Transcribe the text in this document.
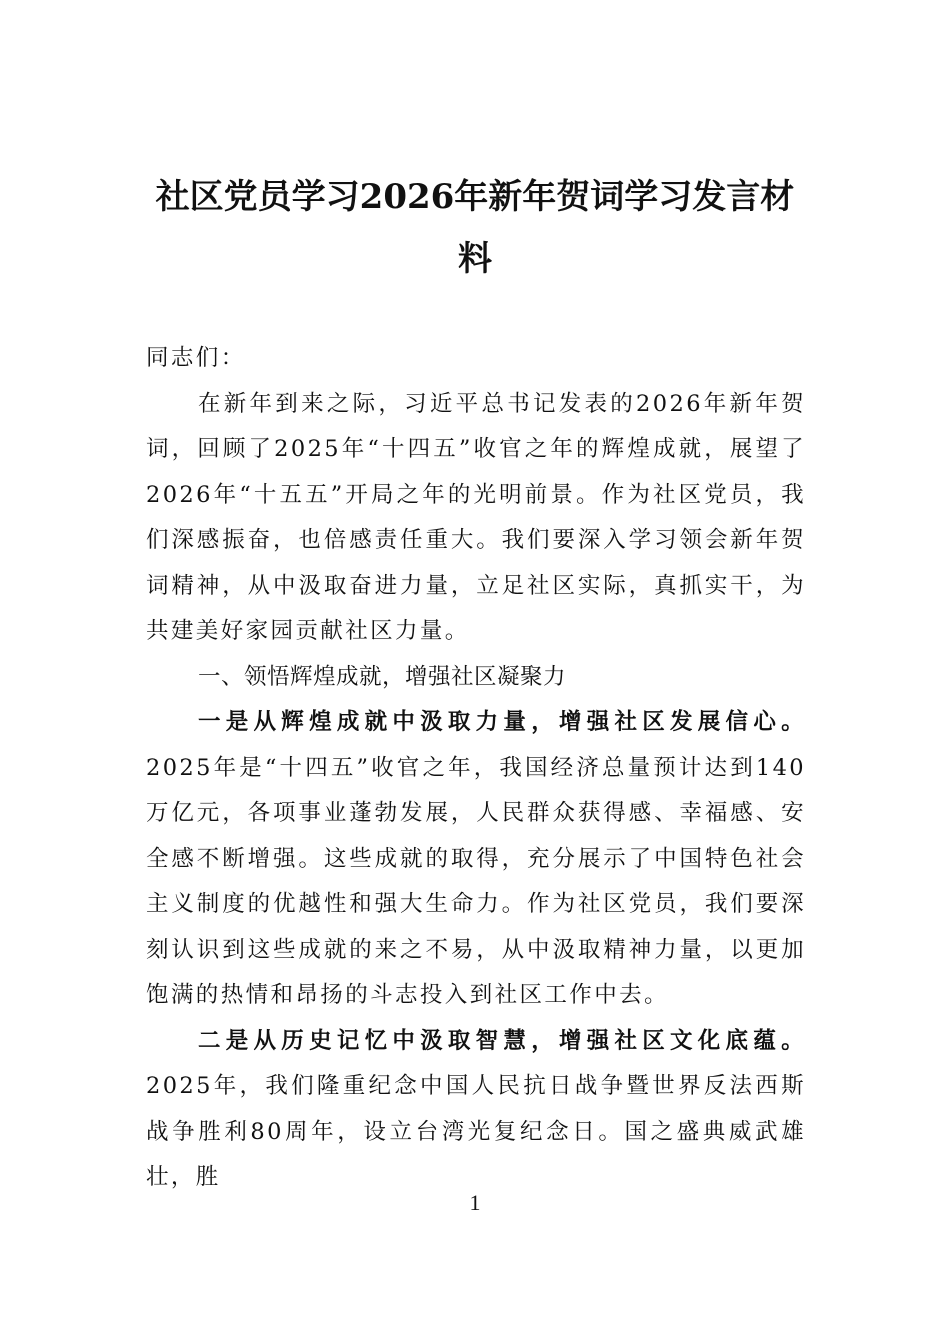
社区党员学习2026年新年贺词学习发言材
料

同志们：

在新年到来之际，习近平总书记发表的2026年新年贺词，回顾了2025年“十四五”收官之年的辉煌成就，展望了2026年“十五五”开局之年的光明前景。作为社区党员，我们深感振奋，也倍感责任重大。我们要深入学习领会新年贺词精神，从中汲取奋进力量，立足社区实际，真抓实干，为共建美好家园贡献社区力量。

一、领悟辉煌成就，增强社区凝聚力

一是从辉煌成就中汲取力量，增强社区发展信心。2025年是“十四五”收官之年，我国经济总量预计达到140万亿元，各项事业蓬勃发展，人民群众获得感、幸福感、安全感不断增强。这些成就的取得，充分展示了中国特色社会主义制度的优越性和强大生命力。作为社区党员，我们要深刻认识到这些成就的来之不易，从中汲取精神力量，以更加饱满的热情和昂扬的斗志投入到社区工作中去。

二是从历史记忆中汲取智慧，增强社区文化底蕴。2025年，我们隆重纪念中国人民抗日战争暨世界反法西斯战争胜利80周年，设立台湾光复纪念日。国之盛典威武雄壮，胜

1
